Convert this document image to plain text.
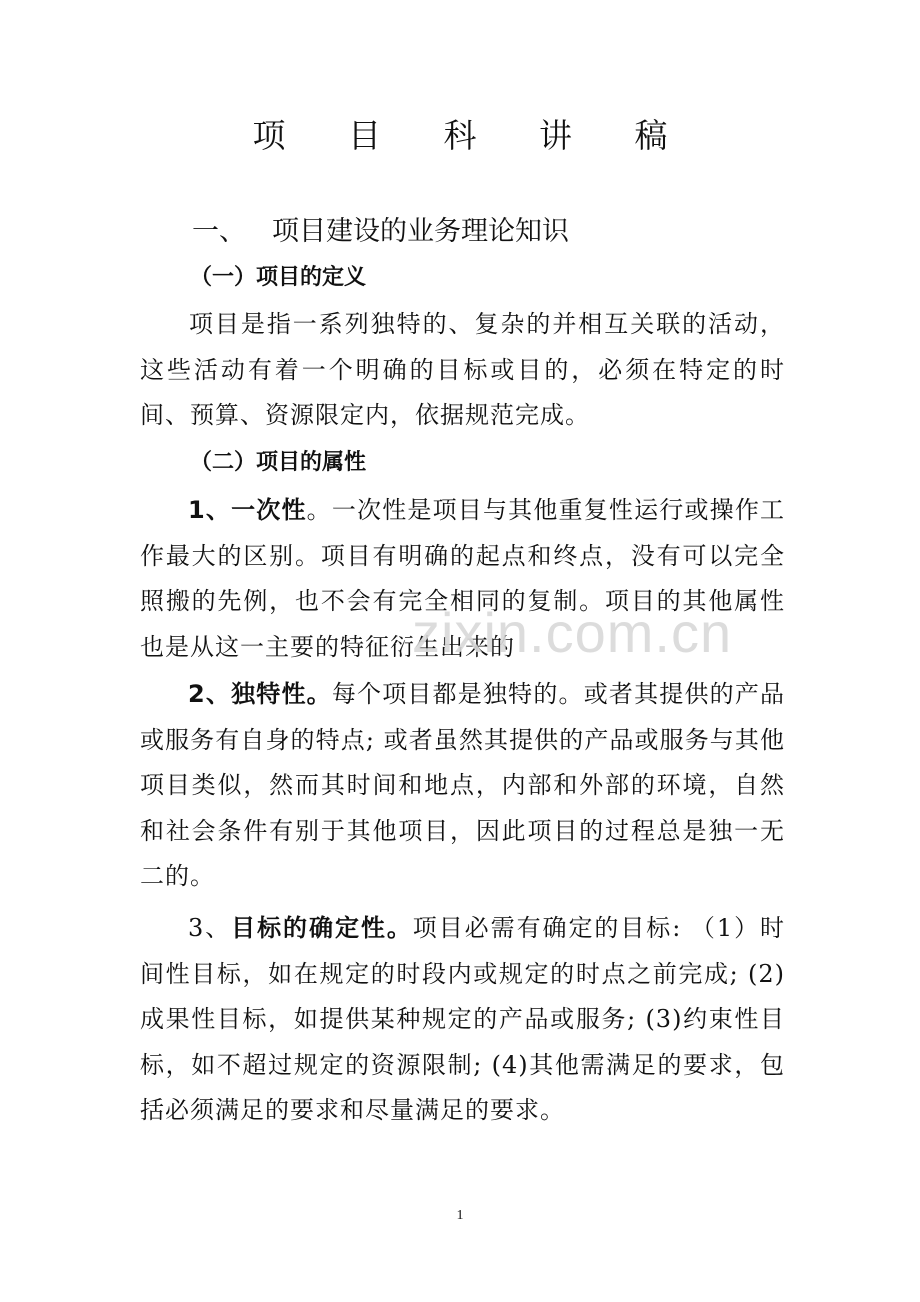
项 目 科 讲 稿
一、 项目建设的业务理论知识
（一）项目的定义
项目是指一系列独特的、复杂的并相互关联的活动，这些活动有着一个明确的目标或目的，必须在特定的时间、预算、资源限定内，依据规范完成。
（二）项目的属性
1、一次性。一次性是项目与其他重复性运行或操作工作最大的区别。项目有明确的起点和终点，没有可以完全照搬的先例，也不会有完全相同的复制。项目的其他属性也是从这一主要的特征衍生出来的
2、独特性。每个项目都是独特的。或者其提供的产品或服务有自身的特点; 或者虽然其提供的产品或服务与其他项目类似，然而其时间和地点，内部和外部的环境，自然和社会条件有别于其他项目，因此项目的过程总是独一无二的。
3、目标的确定性。项目必需有确定的目标: （1）时间性目标，如在规定的时段内或规定的时点之前完成; (2)成果性目标，如提供某种规定的产品或服务; (3)约束性目标，如不超过规定的资源限制; (4)其他需满足的要求，包括必须满足的要求和尽量满足的要求。
zixin.com.cn
1
